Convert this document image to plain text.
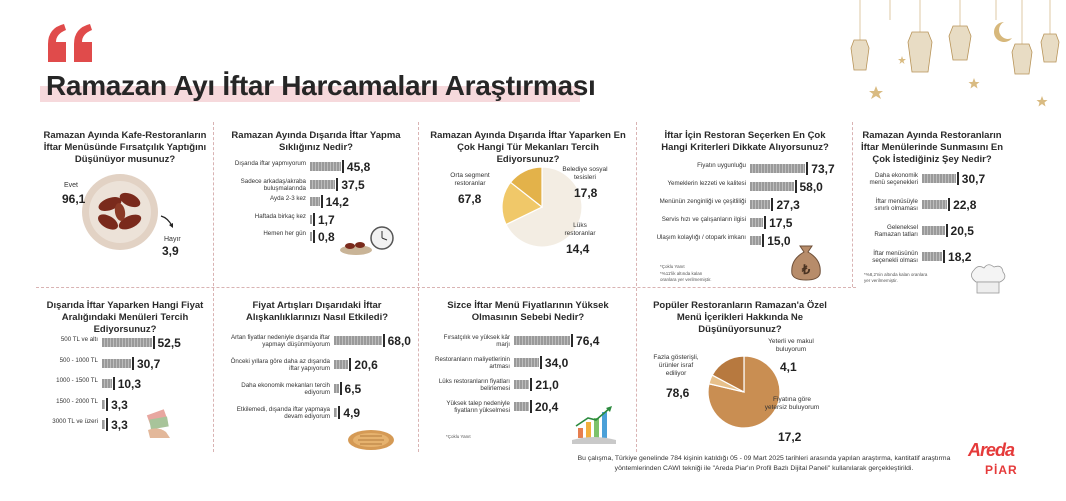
Ramazan Ayı İftar Harcamaları Araştırması
Ramazan Ayında Kafe-Restoranların İftar Menüsünde Fırsatçılık Yaptığını Düşünüyor musunuz?
Evet
96,1
Hayır
3,9
Ramazan Ayında Dışarıda İftar Yapma Sıklığınız Nedir?
Ramazan Ayında Dışarıda İftar Yaparken En Çok Hangi Tür Mekanları Tercih Ediyorsunuz?
Orta segment restoranlar
67,8
Belediye sosyal tesisleri
17,8
Lüks restoranlar
14,4
İftar İçin Restoran Seçerken En Çok Hangi Kriterleri Dikkate Alıyorsunuz?
*Çoklu Yanıt
*%11'lik altında kalan oranlara yer verilmemiştir.
₺
Ramazan Ayında Restoranların İftar Menülerinde Sunmasını En Çok İstediğiniz Şey Nedir?
*%8,2'nin altında kalan oranlara yer verilmemiştir.
Dışarıda İftar Yaparken Hangi Fiyat Aralığındaki Menüleri Tercih Ediyorsunuz?
Fiyat Artışları Dışarıdaki İftar Alışkanlıklarınızı Nasıl Etkiledi?
Sizce İftar Menü Fiyatlarının Yüksek Olmasının Sebebi Nedir?
*Çoklu Yanıt
Popüler Restoranların Ramazan'a Özel Menü İçerikleri Hakkında Ne Düşünüyorsunuz?
Fazla gösterişli, ürünler israf ediliyor
78,6
Yeterli ve makul buluyorum
4,1
Fiyatına göre yetersiz buluyorum
17,2
Bu çalışma, Türkiye genelinde 784 kişinin katıldığı 05 - 09 Mart 2025 tarihleri arasında yapılan araştırma, kantitatif araştırma yöntemlerinden CAWI tekniği ile "Areda Piar'ın Profil Bazlı Dijital Paneli" kullanılarak gerçekleştirildi.
Areda
PİAR
Dışarıda iftar yapmıyorum	45,8
Sadece arkadaş/akraba buluşmalarında	37,5
Ayda 2-3 kez 14,2
Haftada birkaç kez 1,7
Hemen her gün 0,8
Fiyatın uygunluğu	73,7
Yemeklerin lezzeti ve kalitesi	58,0
Menünün zenginliği ve çeşitliliği	27,3
Servis hızı ve çalışanların ilgisi 17,5
Ulaşım kolaylığı / otopark imkanı 15,0
Daha ekonomik menü seçenekleri	30,7
İftar menüsüyle sınırlı olmaması	22,8
Geleneksel Ramazan tatları	20,5
İftar menüsünün seçenekli olması	18,2
500 TL ve altı	52,5
500 - 1000 TL	30,7
1000 - 1500 TL 10,3
1500 - 2000 TL 3,3
3000 TL ve üzeri 3,3
Artan fiyatlar nedeniyle dışarıda iftar yapmayı düşünmüyorum	68,0
Önceki yıllara göre daha az dışarıda iftar yapıyorum 20,6
Daha ekonomik mekanları tercih ediyorum 6,5
Etkilemedi, dışarıda iftar yapmaya devam ediyorum 4,9
Fırsatçılık ve yüksek kâr marjı	76,4
Restoranların maliyetlerinin artması	34,0
Lüks restoranların fiyatları belirlemesi 21,0
Yüksek talep nedeniyle fiyatların yükselmesi 20,4
